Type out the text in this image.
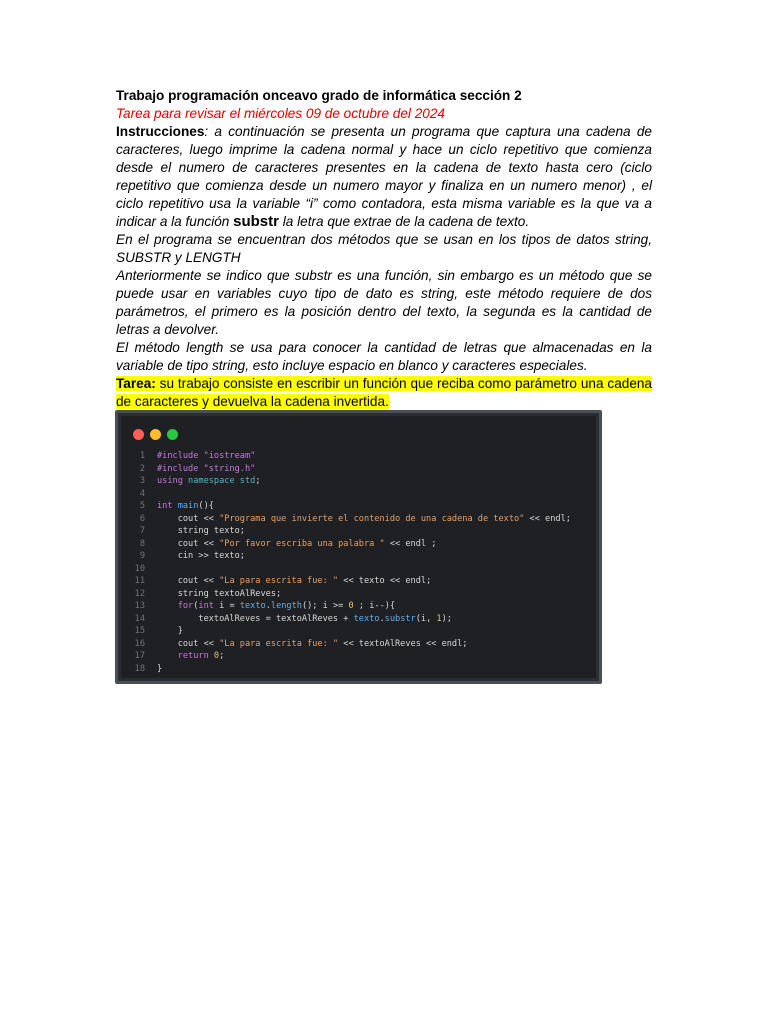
Trabajo programación onceavo grado de informática sección 2

Tarea para revisar el miércoles 09 de octubre del 2024

Instrucciones: a continuación se presenta un programa que captura una cadena de caracteres, luego imprime la cadena normal y hace un ciclo repetitivo que comienza desde el numero de caracteres presentes en la cadena de texto hasta cero (ciclo repetitivo que comienza desde un numero mayor y finaliza en un numero menor) , el ciclo repetitivo usa la variable “i” como contadora, esta misma variable es la que va a indicar a la función substr la letra que extrae de la cadena de texto.

En el programa se encuentran dos métodos que se usan en los tipos de datos string, SUBSTR y LENGTH

Anteriormente se indico que substr es una función, sin embargo es un método que se puede usar en variables cuyo tipo de dato es string, este método requiere de dos parámetros, el primero es la posición dentro del texto, la segunda es la cantidad de letras a devolver.

El método length se usa para conocer la cantidad de letras que almacenadas en la variable de tipo string, esto incluye espacio en blanco y caracteres especiales.

Tarea: su trabajo consiste en escribir un función que reciba como parámetro una cadena de caracteres y devuelva la cadena invertida.

1 #include "iostream"
2 #include "string.h"
3 using namespace std;
4
5 int main(){
6 cout << "Programa que invierte el contenido de una cadena de texto" << endl;
7 string texto;
8 cout << "Por favor escriba una palabra " << endl ;
9 cin >> texto;
10
11 cout << "La para escrita fue: " << texto << endl;
12 string textoAlReves;
13	for(int i = texto.length(); i >= 0 ; i--){
14 textoAlReves = textoAlReves + texto.substr(i, 1);
15 }
16 cout << "La para escrita fue: " << textoAlReves << endl;
17	return 0;
18 }
